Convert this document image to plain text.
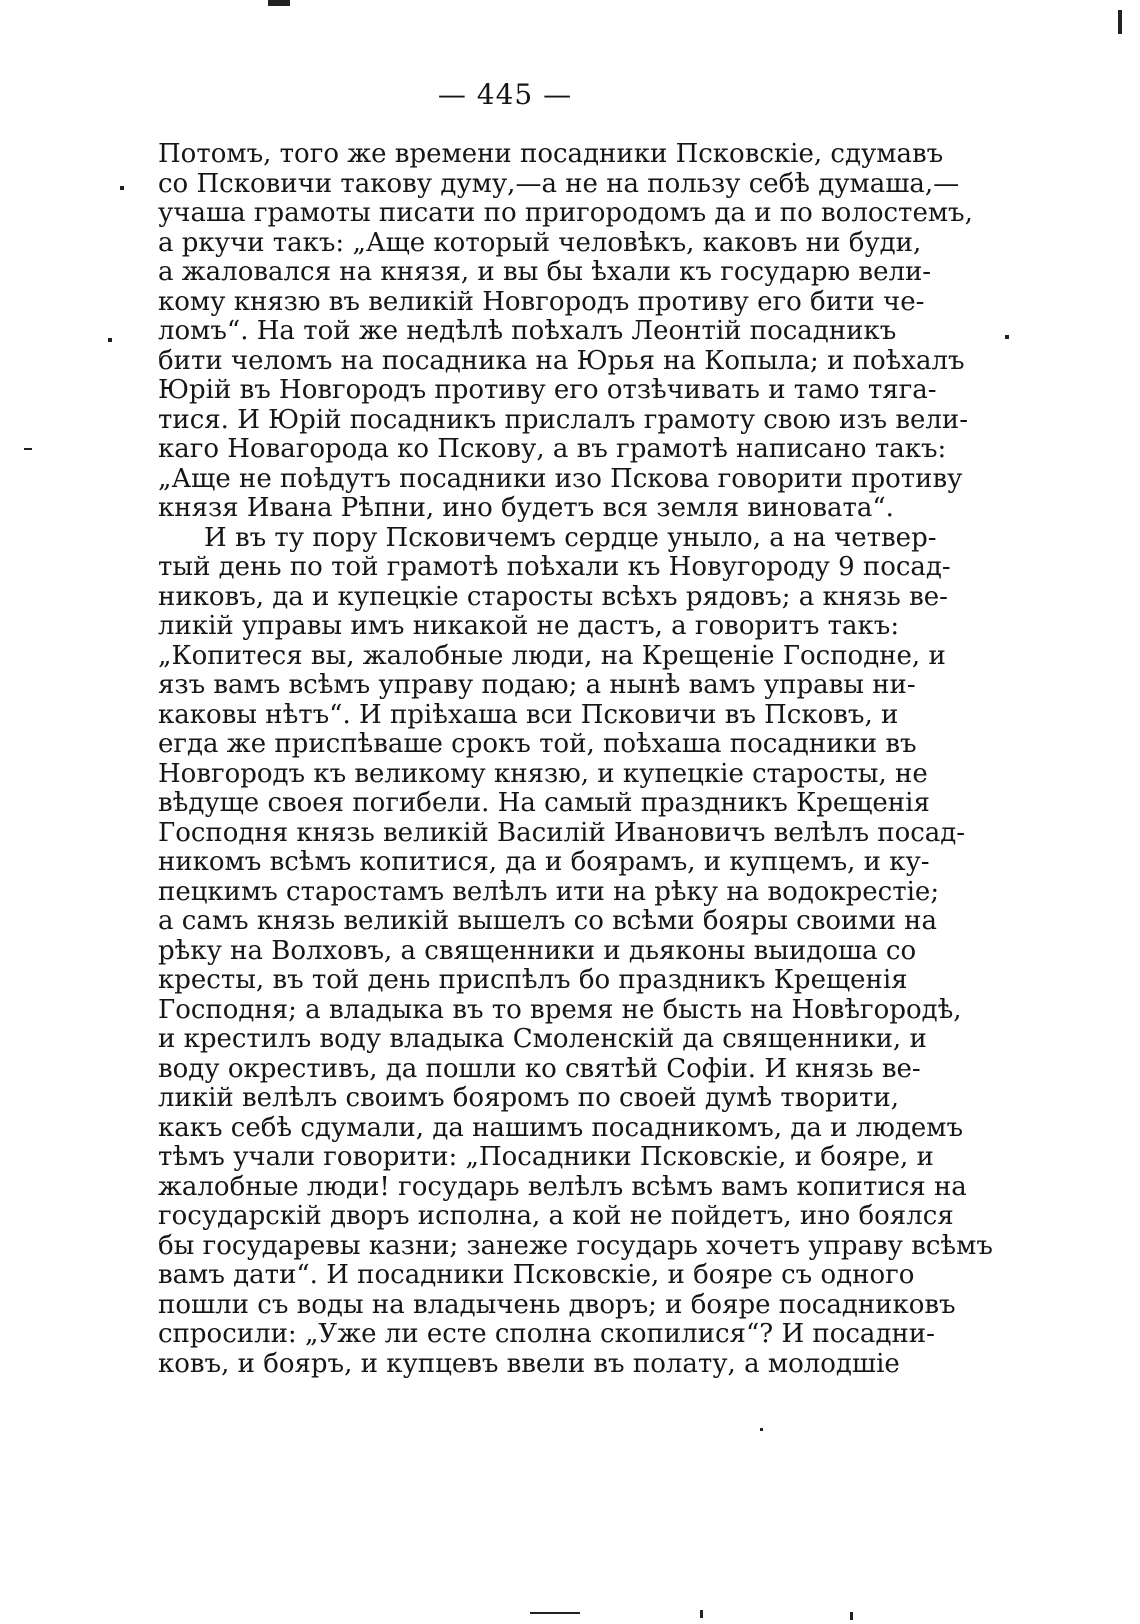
— 445 —
Потомъ, того же времени посадники Псковскіе, сдумавъ
со Псковичи такову думу,—а не на пользу себѣ думаша,—
учаша грамоты писати по пригородомъ да и по волостемъ,
а ркучи такъ: „Аще который человѣкъ, каковъ ни буди,
а жаловался на князя, и вы бы ѣхали къ государю вели-
кому князю въ великій Новгородъ противу его бити че-
ломъ“. На той же недѣлѣ поѣхалъ Леонтій посадникъ
бити челомъ на посадника на Юрья на Копыла; и поѣхалъ
Юрій въ Новгородъ противу его отзѣчивать и тамо тяга-
тися. И Юрій посадникъ прислалъ грамоту свою изъ вели-
каго Новагорода ко Пскову, а въ грамотѣ написано такъ:
„Аще не поѣдутъ посадники изо Пскова говорити противу
князя Ивана Рѣпни, ино будетъ вся земля виновата“.
И въ ту пору Псковичемъ сердце уныло, а на четвер-
тый день по той грамотѣ поѣхали къ Новугороду 9 посад-
никовъ, да и купецкіе старосты всѣхъ рядовъ; а князь ве-
ликій управы имъ никакой не дастъ, а говоритъ такъ:
„Копитеся вы, жалобные люди, на Крещеніе Господне, и
язъ вамъ всѣмъ управу подаю; а нынѣ вамъ управы ни-
каковы нѣтъ“. И пріѣхаша вси Псковичи въ Псковъ, и
егда же приспѣваше срокъ той, поѣхаша посадники въ
Новгородъ къ великому князю, и купецкіе старосты, не
вѣдуще своея погибели. На самый праздникъ Крещенія
Господня князь великій Василій Ивановичъ велѣлъ посад-
никомъ всѣмъ копитися, да и боярамъ, и купцемъ, и ку-
пецкимъ старостамъ велѣлъ ити на рѣку на водокрестіе;
а самъ князь великій вышелъ со всѣми бояры своими на
рѣку на Волховъ, а священники и дьяконы выидоша со
кресты, въ той день приспѣлъ бо праздникъ Крещенія
Господня; а владыка въ то время не бысть на Новѣгородѣ,
и крестилъ воду владыка Смоленскій да священники, и
воду окрестивъ, да пошли ко святѣй Софіи. И князь ве-
ликій велѣлъ своимъ бояромъ по своей думѣ творити,
какъ себѣ сдумали, да нашимъ посадникомъ, да и людемъ
тѣмъ учали говорити: „Посадники Псковскіе, и бояре, и
жалобные люди! государь велѣлъ всѣмъ вамъ копитися на
государскій дворъ исполна, а кой не пойдетъ, ино боялся
бы государевы казни; занеже государь хочетъ управу всѣмъ
вамъ дати“. И посадники Псковскіе, и бояре съ одного
пошли съ воды на владычень дворъ; и бояре посадниковъ
спросили: „Уже ли есте сполна скопилися“? И посадни-
ковъ, и бояръ, и купцевъ ввели въ полату, а молодшіе
